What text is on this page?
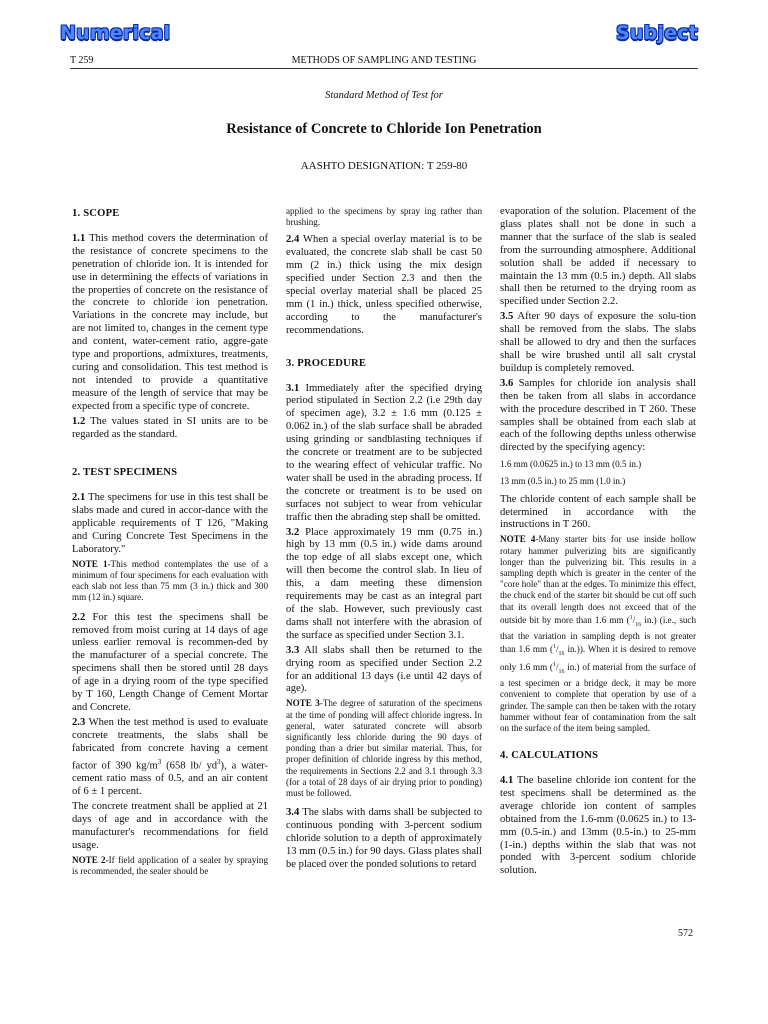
Numerical	Subject
T 259	METHODS OF SAMPLING AND TESTING
Standard Method of Test for
Resistance of Concrete to Chloride Ion Penetration
AASHTO DESIGNATION: T 259-80
1. SCOPE

1.1 This method covers the determination of the resistance of concrete specimens to the penetration of chloride ion. It is intended for use in determining the effects of variations in the properties of concrete on the resistance of the concrete to chloride ion penetration. Variations in the concrete may include, but are not limited to, changes in the cement type and content, water-cement ratio, aggre-gate type and proportions, admixtures, treatments, curing and consolidation. This test method is not intended to provide a quantitative measure of the length of service that may be expected from a specific type of concrete.

1.2 The values stated in SI units are to be regarded as the standard.

2. TEST SPECIMENS

2.1 The specimens for use in this test shall be slabs made and cured in accor-dance with the applicable requirements of T 126, "Making and Curing Concrete Test Specimens in the Laboratory."

NOTE 1-This method contemplates the use of a minimum of four specimens for each evaluation with each slab not less than 75 mm (3 in.) thick and 300 mm (12 in.) square.

2.2 For this test the specimens shall be removed from moist curing at 14 days of age unless earlier removal is recommen-ded by the manufacturer of a special concrete. The specimens shall then be stored until 28 days of age in a drying room of the type specified by T 160, Length Change of Cement Mortar and Concrete.

2.3 When the test method is used to evaluate concrete treatments, the slabs shall be fabricated from concrete having a cement factor of 390 $kg/m^3$ (658 lb/ $yd^3$), a water-cement ratio mass of 0.5, and an air content of 6 ± 1 percent.

The concrete treatment shall be applied at 21 days of age and in accordance with the manufacturer's recommendations for field usage.

NOTE 2-If field application of a sealer by spraying is recommended, the sealer should be

applied to the specimens by spray ing rather than brushing.

2.4 When a special overlay material is to be evaluated, the concrete slab shall be cast 50 mm (2 in.) thick using the mix design specified under Section 2.3 and then the special overlay material shall be placed 25 mm (1 in.) thick, unless specified otherwise, according to the manufacturer's recommendations.

3. PROCEDURE

3.1 Immediately after the specified drying period stipulated in Section 2.2 (i.e 29th day of specimen age), 3.2 ± 1.6 mm (0.125 ± 0.062 in.) of the slab surface shall be abraded using grinding or sandblasting techniques if the concrete or treatment are to be subjected to the wearing effect of vehicular traffic. No water shall be used in the abrading process. If the concrete or treatment is to be used on surfaces not subject to wear from vehicular traffic then the abrading step shall be omitted.

3.2 Place approximately 19 mm (0.75 in.) high by 13 mm (0.5 in.) wide dams around the top edge of all slabs except one, which will then become the control slab. In lieu of this, a dam meeting these dimension requirements may be cast as an integral part of the slab. However, such previously cast dams shall not interfere with the abrasion of the surface as specified under Section 3.1.

3.3 All slabs shall then be returned to the drying room as specified under Section 2.2 for an additional 13 days (i.e until 42 days of age).

NOTE 3-The degree of saturation of the specimens at the time of ponding will affect chloride ingress. In general, water saturated concrete will absorb significantly less chloride during the 90 days of ponding than a drier but similar material. Thus, for proper definition of chloride ingress by this method, the requirements in Sections 2.2 and 3.1 through 3.3 (for a total of 28 days of air drying prior to ponding) must be followed.

3.4 The slabs with dams shall be subjected to continuous ponding with 3-percent sodium chloride solution to a depth of approximately 13 mm (0.5 in.) for 90 days. Glass plates shall be placed over the ponded solutions to retard

evaporation of the solution. Placement of the glass plates shall not be done in such a manner that the surface of the slab is sealed from the surrounding atmosphere. Additional solution shall be added if necessary to maintain the 13 mm (0.5 in.) depth. All slabs shall then be returned to the drying room as specified under Section 2.2.

3.5 After 90 days of exposure the solu-tion shall be removed from the slabs. The slabs shall be allowed to dry and then the surfaces shall be wire brushed until all salt crystal buildup is completely removed.

3.6 Samples for chloride ion analysis shall then be taken from all slabs in accordance with the procedure described in T 260. These samples shall be obtained from each slab at each of the following depths unless otherwise directed by the specifying agency:

1.6 mm (0.0625 in.) to 13 mm (0.5 in.)

13 mm (0.5 in.) to 25 mm (1.0 in.)

The chloride content of each sample shall be determined in accordance with the instructions in T 260.

NOTE 4-Many starter bits for use inside hollow rotary hammer pulverizing bits are significantly longer than the pulverizing bit. This results in a sampling depth which is greater in the center of the "core hole" than at the edges. To minimize this effect, the chuck end of the starter bit should be cut off such that its overall length does not exceed that of the outside bit by more than 1.6 mm ($^1/_{16}$ in.) (i.e., such that the variation in sampling depth is not greater than 1.6 mm ($^1/_{16}$ in.)). When it is desired to remove only 1.6 mm ($^1/_{16}$ in.) of material from the surface of a test specimen or a bridge deck, it may be more convenient to complete that operation by use of a grinder. The sample can then be taken with the rotary hammer without fear of contamination from the salt on the surface of the item being sampled.

4. CALCULATIONS

4.1 The baseline chloride ion content for the test specimens shall be determined as the average chloride ion content of samples obtained from the 1.6-mm (0.0625 in.) to 13-mm (0.5-in.) and 13mm (0.5-in.) to 25-mm (1-in.) depths within the slab that was not ponded with 3-percent sodium chloride solution.

572
